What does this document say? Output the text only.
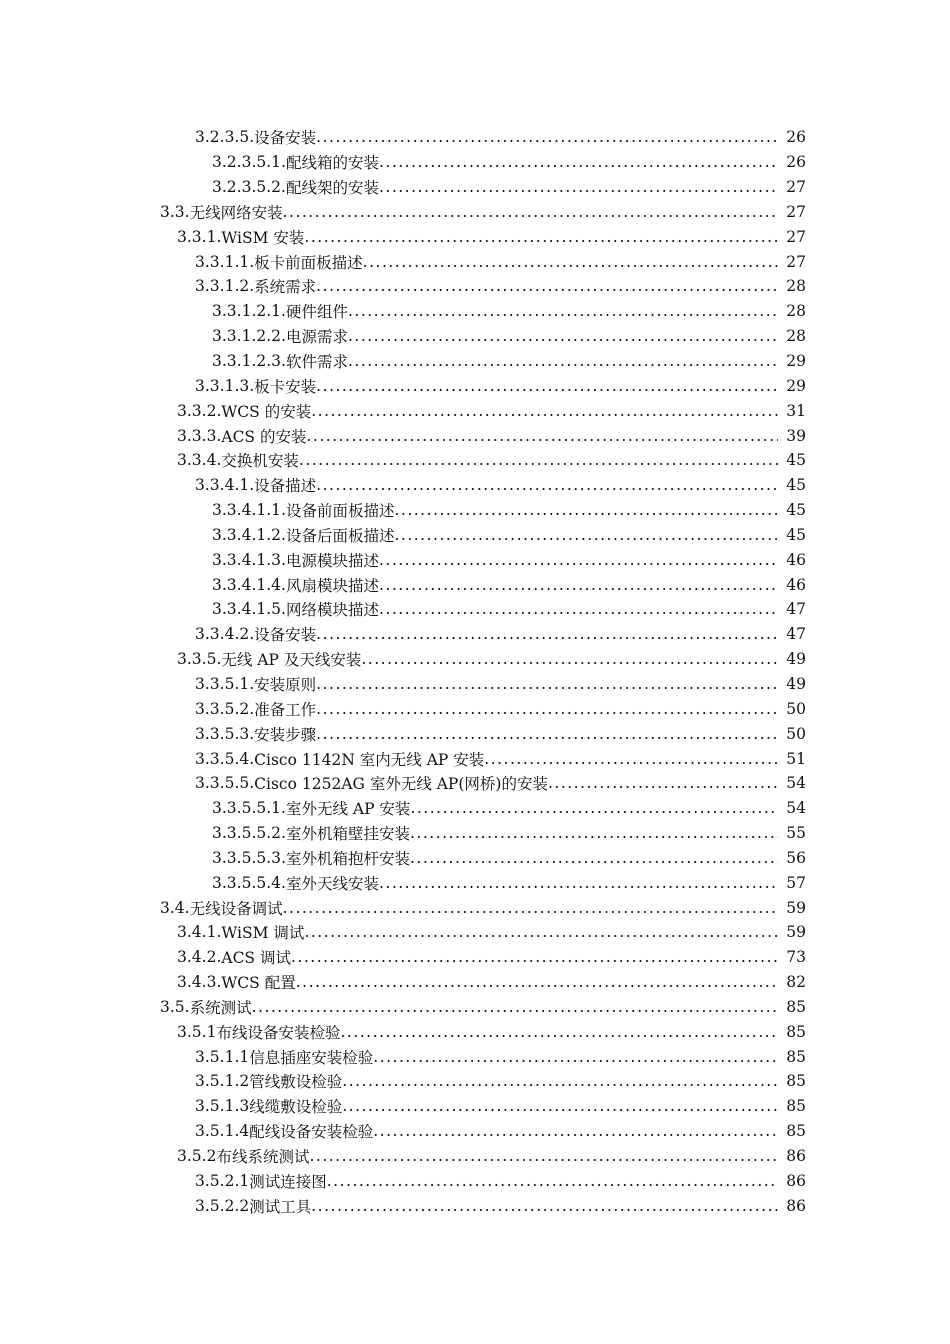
3.2.3.5. 设备安装 .....	26
3.2.3.5.1. 配线箱的安装 .....	26
3.2.3.5.2. 配线架的安装 .....	27
3.3. 无线网络安装 .....	27
3.3.1. WiSM 安装 .....	27
3.3.1.1. 板卡前面板描述 .....	27
3.3.1.2. 系统需求 .....	28
3.3.1.2.1. 硬件组件 .....	28
3.3.1.2.2. 电源需求 .....	28
3.3.1.2.3. 软件需求 .....	29
3.3.1.3. 板卡安装 .....	29
3.3.2. WCS 的安装 .....	31
3.3.3. ACS 的安装 .....	39
3.3.4. 交换机安装 .....	45
3.3.4.1. 设备描述 .....	45
3.3.4.1.1. 设备前面板描述 .....	45
3.3.4.1.2. 设备后面板描述 .....	45
3.3.4.1.3. 电源模块描述 .....	46
3.3.4.1.4. 风扇模块描述 .....	46
3.3.4.1.5. 网络模块描述 .....	47
3.3.4.2. 设备安装 .....	47
3.3.5. 无线 AP 及天线安装 .....	49
3.3.5.1. 安装原则 .....	49
3.3.5.2. 准备工作 .....	50
3.3.5.3. 安装步骤 .....	50
3.3.5.4. Cisco 1142N 室内无线 AP 安装 .....	51
3.3.5.5. Cisco 1252AG 室外无线 AP(网桥)的安装 .....	54
3.3.5.5.1. 室外无线 AP 安装 .....	54
3.3.5.5.2. 室外机箱壁挂安装 .....	55
3.3.5.5.3. 室外机箱抱杆安装 .....	56
3.3.5.5.4. 室外天线安装 .....	57
3.4. 无线设备调试 .....	59
3.4.1. WiSM 调试 .....	59
3.4.2. ACS 调试 .....	73
3.4.3. WCS 配置 .....	82
3.5. 系统测试 .....	85
3.5.1 布线设备安装检验 .....	85
3.5.1.1 信息插座安装检验 .....	85
3.5.1.2 管线敷设检验 .....	85
3.5.1.3 线缆敷设检验 .....	85
3.5.1.4 配线设备安装检验 .....	85
3.5.2 布线系统测试 .....	86
3.5.2.1 测试连接图 .....	86
3.5.2.2 测试工具 .....	86
